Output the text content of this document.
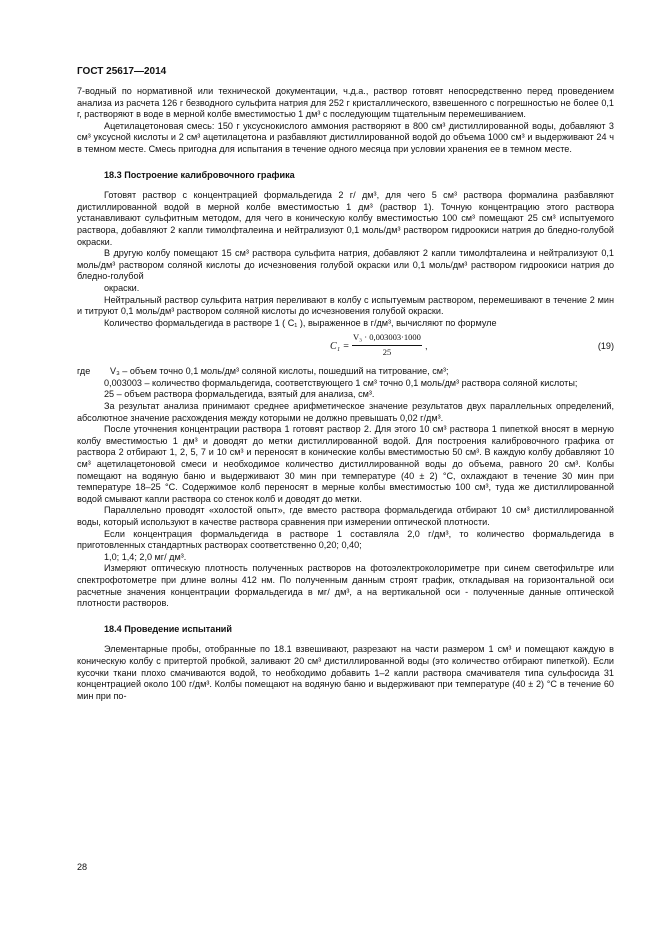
ГОСТ 25617—2014

7-водный по нормативной или технической документации, ч.д.а., раствор готовят непосредственно перед проведением анализа из расчета 126 г безводного сульфита натрия для 252 г кристаллического, взвешенного с погрешностью не более 0,1 г, растворяют в воде в мерной колбе вместимостью 1 дм³ с последующим тщательным перемешиванием.

Ацетилацетоновая смесь: 150 г уксуснокислого аммония растворяют в 800 см³ дистиллированной воды, добавляют 3 см³ уксусной кислоты и 2 см³ ацетилацетона и разбавляют дистиллированной водой до объема 1000 см³ и выдерживают 24 ч в темном месте. Смесь пригодна для испытания в течение одного месяца при условии хранения ее в темном месте.

18.3 Построение калибровочного графика

Готовят раствор с концентрацией формальдегида 2 г/ дм³, для чего 5 см³ раствора формалина разбавляют дистиллированной водой в мерной колбе вместимостью 1 дм³ (раствор 1). Точную концентрацию этого раствора устанавливают сульфитным методом, для чего в коническую колбу вместимостью 100 см³ помещают 25 см³ испытуемого раствора, добавляют 2 капли тимолфталеина и нейтрализуют 0,1 моль/дм³ раствором гидроокиси натрия до бледно-голубой окраски.

В другую колбу помещают 15 см³ раствора сульфита натрия, добавляют 2 капли тимолфталеина и нейтрализуют 0,1 моль/дм³ раствором соляной кислоты до исчезновения голубой окраски или 0,1 моль/дм³ раствором гидроокиси натрия до бледно-голубой

окраски.

Нейтральный раствор сульфита натрия переливают в колбу с испытуемым раствором, перемешивают в течение 2 мин и титруют 0,1 моль/дм³ раствором соляной кислоты до исчезновения голубой окраски.

Количество формальдегида в растворе 1 ( C₁ ), выраженное в г/дм³, вычисляют по формуле

$C_1 = \frac{\text{V₃ · 0,003003·1000}}{25}$ ,	(19)
где	V₃ – объем точно 0,1 моль/дм³ соляной кислоты, пошедший на титрование, см³;

0,003003 – количество формальдегида, соответствующего 1 см³ точно 0,1 моль/дм³ раствора соляной кислоты;

25 – объем раствора формальдегида, взятый для анализа, см³.

За результат анализа принимают среднее арифметическое значение результатов двух параллельных определений, абсолютное значение расхождения между которыми не должно превышать 0,02 г/дм³.

После уточнения концентрации раствора 1 готовят раствор 2. Для этого 10 см³ раствора 1 пипеткой вносят в мерную колбу вместимостью 1 дм³ и доводят до метки дистиллированной водой. Для построения калибровочного графика от раствора 2 отбирают 1, 2, 5, 7 и 10 см³ и переносят в конические колбы вместимостью 50 см³. В каждую колбу добавляют 10 см³ ацетилацетоновой смеси и необходимое количество дистиллированной воды до объема, равного 20 см³. Колбы помещают на водяную баню и выдерживают 30 мин при температуре (40 ± 2) °С, охлаждают в течение 30 мин при температуре 18–25 °С. Содержимое колб переносят в мерные колбы вместимостью 100 см³, туда же дистиллированной водой смывают капли раствора со стенок колб и доводят до метки.

Параллельно проводят «холостой опыт», где вместо раствора формальдегида отбирают 10 см³ дистиллированной воды, который используют в качестве раствора сравнения при измерении оптической плотности.

Если концентрация формальдегида в растворе 1 составляла 2,0 г/дм³, то количество формальдегида в приготовленных стандартных растворах соответственно 0,20; 0,40;

1,0; 1,4; 2,0 мг/ дм³.

Измеряют оптическую плотность полученных растворов на фотоэлектроколориметре при синем светофильтре или спектрофотометре при длине волны 412 нм. По полученным данным строят график, откладывая на горизонтальной оси расчетные значения концентрации формальдегида в мг/ дм³, а на вертикальной оси - полученные данные оптической плотности растворов.

18.4 Проведение испытаний

Элементарные пробы, отобранные по 18.1 взвешивают, разрезают на части размером 1 см³ и помещают каждую в коническую колбу с притертой пробкой, заливают 20 см³ дистиллированной воды (это количество отбирают пипеткой). Если кусочки ткани плохо смачиваются водой, то необходимо добавить 1–2 капли раствора смачивателя типа сульфосида 31 концентрацией около 100 г/дм³. Колбы помещают на водяную баню и выдерживают при температуре (40 ± 2) °С в течение 60 мин при по-

28
